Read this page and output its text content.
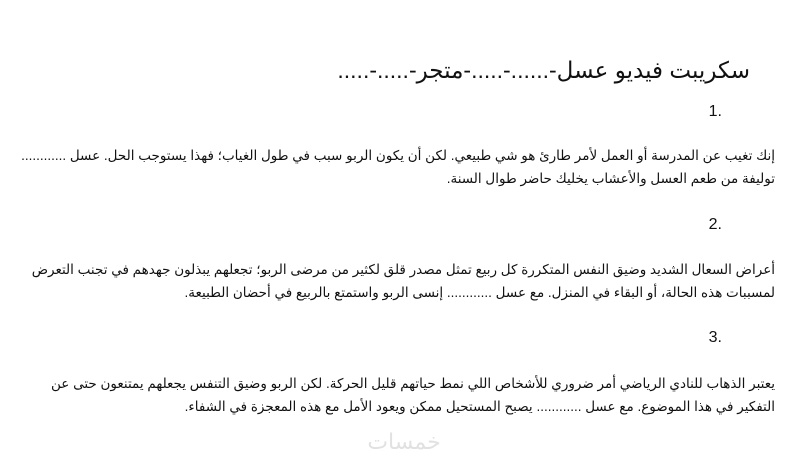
سكريبت فيديو عسل-......-.....-متجر-.....-.....
1.
إنك تغيب عن المدرسة أو العمل لأمر طارئ هو شي طبيعي. لكن أن يكون الربو سبب في طول الغياب؛ فهذا يستوجب الحل. عسل ............ توليفة من طعم العسل والأعشاب يخليك حاضر طوال السنة.
2.
أعراض السعال الشديد وضيق النفس المتكررة كل ربيع تمثل مصدر قلق لكثير من مرضى الربو؛ تجعلهم يبذلون جهدهم في تجنب التعرض لمسببات هذه الحالة، أو البقاء في المنزل. مع عسل ............ إنسى الربو واستمتع بالربيع في أحضان الطبيعة.
3.
يعتبر الذهاب للنادي الرياضي أمر ضروري للأشخاص اللي نمط حياتهم قليل الحركة. لكن الربو وضيق التنفس يجعلهم يمتنعون حتى عن التفكير في هذا الموضوع. مع عسل ............ يصبح المستحيل ممكن ويعود الأمل مع هذه المعجزة في الشفاء.
خمسات
